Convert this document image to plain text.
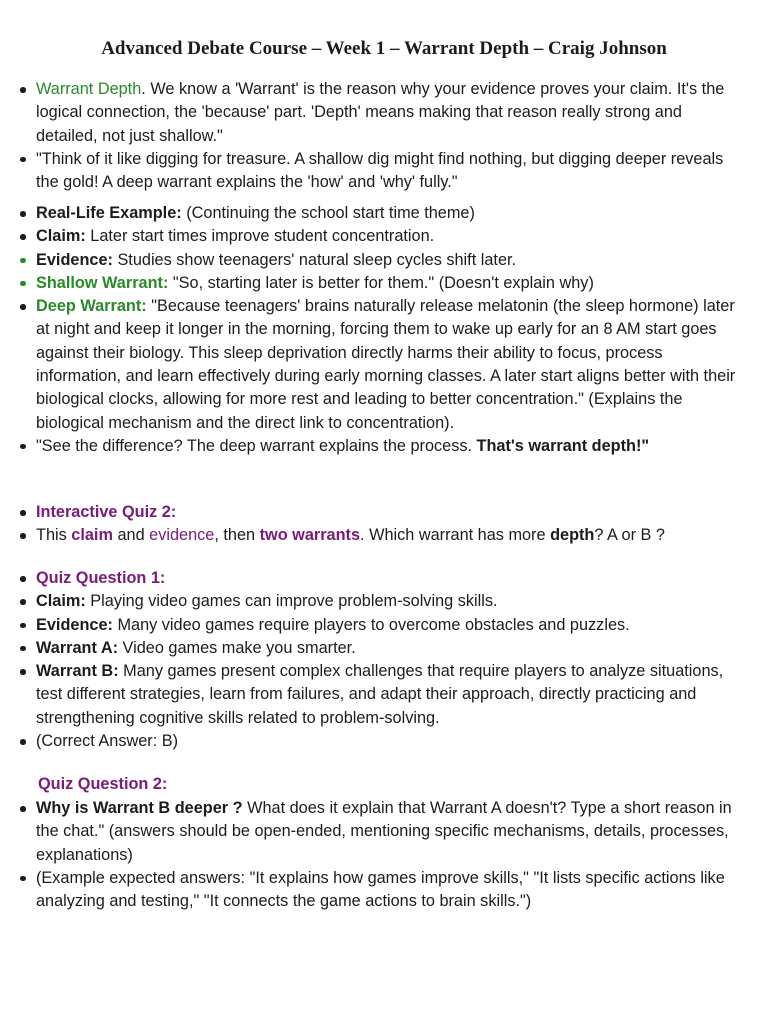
Advanced Debate Course – Week 1 – Warrant Depth – Craig Johnson
Warrant Depth. We know a 'Warrant' is the reason why your evidence proves your claim. It's the logical connection, the 'because' part. 'Depth' means making that reason really strong and detailed, not just shallow."
"Think of it like digging for treasure. A shallow dig might find nothing, but digging deeper reveals the gold! A deep warrant explains the 'how' and 'why' fully."
Real-Life Example: (Continuing the school start time theme)
Claim: Later start times improve student concentration.
Evidence: Studies show teenagers' natural sleep cycles shift later.
Shallow Warrant: "So, starting later is better for them." (Doesn't explain why)
Deep Warrant: "Because teenagers' brains naturally release melatonin (the sleep hormone) later at night and keep it longer in the morning, forcing them to wake up early for an 8 AM start goes against their biology. This sleep deprivation directly harms their ability to focus, process information, and learn effectively during early morning classes. A later start aligns better with their biological clocks, allowing for more rest and leading to better concentration." (Explains the biological mechanism and the direct link to concentration).
"See the difference? The deep warrant explains the process. That's warrant depth!"
Interactive Quiz 2:
This claim and evidence, then two warrants. Which warrant has more depth? A or B ?
Quiz Question 1:
Claim: Playing video games can improve problem-solving skills.
Evidence: Many video games require players to overcome obstacles and puzzles.
Warrant A: Video games make you smarter.
Warrant B: Many games present complex challenges that require players to analyze situations, test different strategies, learn from failures, and adapt their approach, directly practicing and strengthening cognitive skills related to problem-solving.
(Correct Answer: B)
Quiz Question 2:
Why is Warrant B deeper ? What does it explain that Warrant A doesn't? Type a short reason in the chat." (answers should be open-ended, mentioning specific mechanisms, details, processes, explanations)
(Example expected answers: "It explains how games improve skills," "It lists specific actions like analyzing and testing," "It connects the game actions to brain skills.")
